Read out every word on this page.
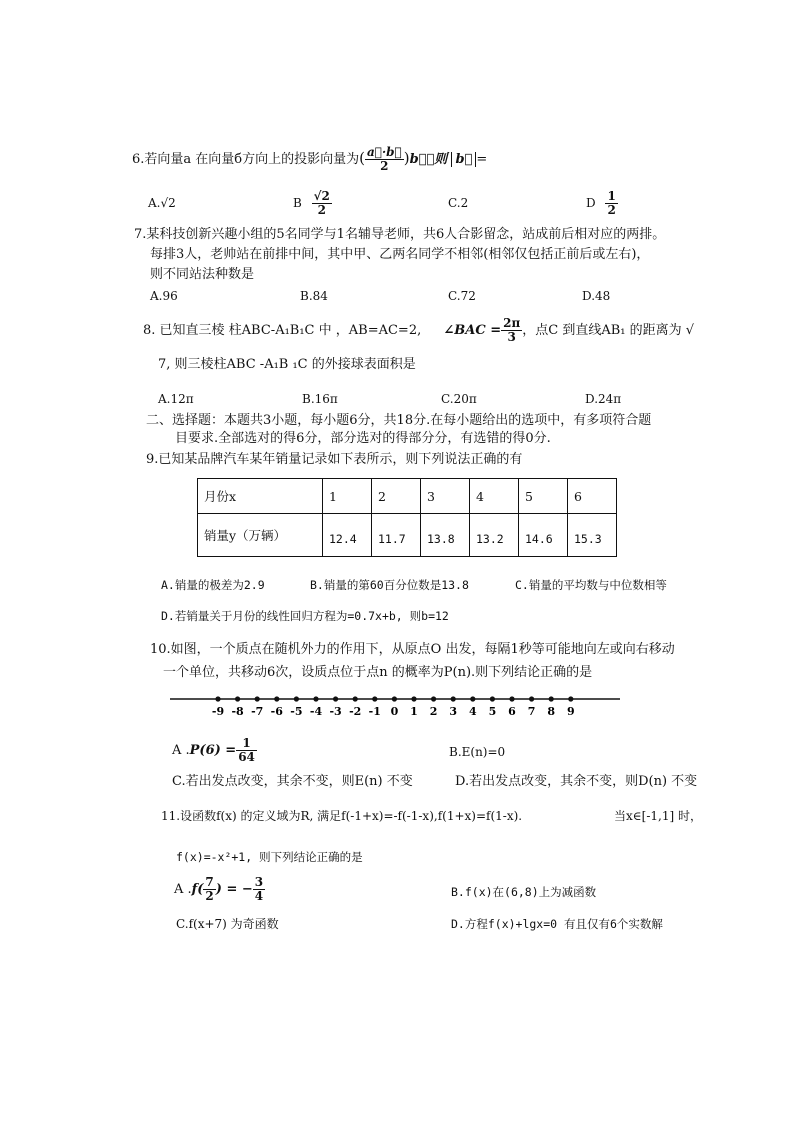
6.若向量a 在向量б方向上的投影向量为( $\frac{a⃗\cdot b⃗}{2}$ )b⃗，则 b⃗ =
A.√2	B $\frac{√2}{2}$	C.2	D $\frac{1}{2}$
7.某科技创新兴趣小组的5名同学与1名辅导老师，共6人合影留念，站成前后相对应的两排。
每排3人，老帅站在前排中间，其中甲、乙两名同学不相邻(相邻仅包括正前后或左右)，
则不同站法种数是
A.96	B.84	C.72	D.48
8. 已知直三棱 柱ABC-A₁B₁C 中 ，AB=AC=2, ∠BAC = $\frac{2\pi}{3}$ ，点C 到直线AB₁ 的距离为 √
7, 则三棱柱ABC -A₁B ₁C 的外接球表面积是
A.12π	B.16π	C.20π	D.24π
二、选择题：本题共3小题，每小题6分，共18分.在每小题给出的选项中，有多项符合题
目要求.全部选对的得6分，部分选对的得部分分，有选错的得0分.
9.已知某品牌汽车某年销量记录如下表所示，则下列说法正确的有
月份x	1	2	3	4	5	6
销量y（万辆）	12.4	11.7	13.8	13.2	14.6	15.3
A.销量的极差为2.9	B.销量的第60百分位数是13.8	C.销量的平均数与中位数相等
D.若销量关于月份的线性回归方程为=0.7x+b, 则b=12
10.如图，一个质点在随机外力的作用下，从原点O 出发，每隔1秒等可能地向左或向右移动
一个单位，共移动6次，设质点位于点n 的概率为P(n).则下列结论正确的是
-9 -8 -7 -6 -5 -4 -3 -2 -1 0 1 2 3 4 5 6 7 8 9
A $.P(6) = \frac{1}{64}$	B.E(n)=0
C.若出发点改变，其余不变，则E(n) 不变	D.若出发点改变，其余不变，则D(n) 不变
11.设函数f(x) 的定义域为R, 满足f(-1+x)=-f(-1-x),f(1+x)=f(1-x).	当x∈[-1,1] 时，
f(x)=-x²+1, 则下列结论正确的是
A $.f( \frac{7}{2}$ ) = − $\frac{3}{4}$	B.f(x)在(6,8)上为减函数
C.f(x+7) 为奇函数	D.方程f(x)+lgx=0 有且仅有6个实数解
